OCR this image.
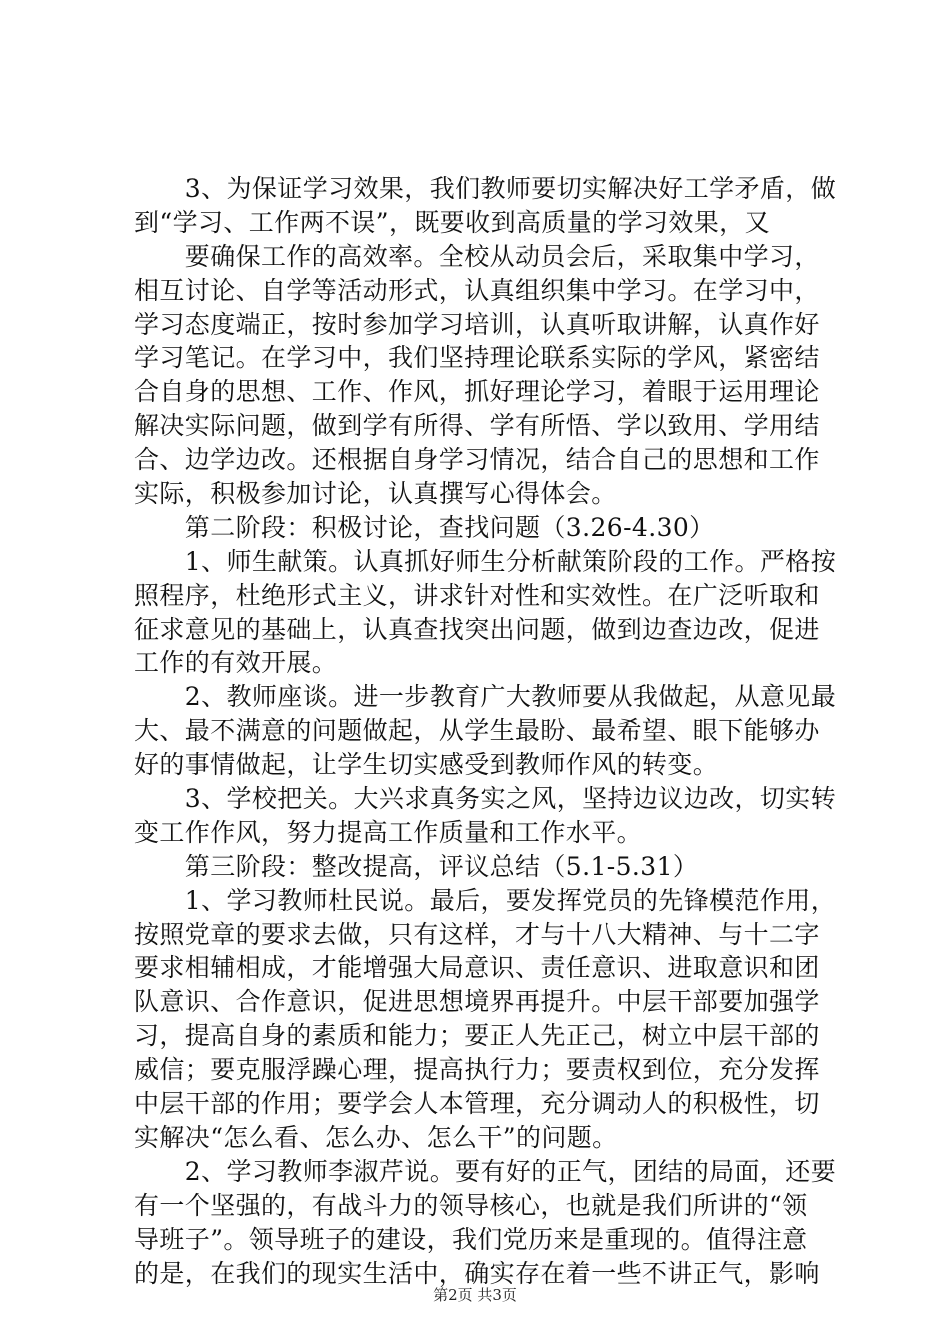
　　3、为保证学习效果，我们教师要切实解决好工学矛盾，做
到“学习、工作两不误”，既要收到高质量的学习效果，又
　　要确保工作的高效率。全校从动员会后，采取集中学习，
相互讨论、自学等活动形式，认真组织集中学习。在学习中，
学习态度端正，按时参加学习培训，认真听取讲解，认真作好
学习笔记。在学习中，我们坚持理论联系实际的学风，紧密结
合自身的思想、工作、作风，抓好理论学习，着眼于运用理论
解决实际问题，做到学有所得、学有所悟、学以致用、学用结
合、边学边改。还根据自身学习情况，结合自己的思想和工作
实际，积极参加讨论，认真撰写心得体会。
　　第二阶段：积极讨论，查找问题（3.26-4.30）
　　1、师生献策。认真抓好师生分析献策阶段的工作。严格按
照程序，杜绝形式主义，讲求针对性和实效性。在广泛听取和
征求意见的基础上，认真查找突出问题，做到边查边改，促进
工作的有效开展。
　　2、教师座谈。进一步教育广大教师要从我做起，从意见最
大、最不满意的问题做起，从学生最盼、最希望、眼下能够办
好的事情做起，让学生切实感受到教师作风的转变。
　　3、学校把关。大兴求真务实之风，坚持边议边改，切实转
变工作作风，努力提高工作质量和工作水平。
　　第三阶段：整改提高，评议总结（5.1-5.31）
　　1、学习教师杜民说。最后，要发挥党员的先锋模范作用，
按照党章的要求去做，只有这样，才与十八大精神、与十二字
要求相辅相成，才能增强大局意识、责任意识、进取意识和团
队意识、合作意识，促进思想境界再提升。中层干部要加强学
习，提高自身的素质和能力；要正人先正己，树立中层干部的
威信；要克服浮躁心理，提高执行力；要责权到位，充分发挥
中层干部的作用；要学会人本管理，充分调动人的积极性，切
实解决“怎么看、怎么办、怎么干”的问题。
　　2、学习教师李淑芹说。要有好的正气，团结的局面，还要
有一个坚强的，有战斗力的领导核心，也就是我们所讲的“领
导班子”。领导班子的建设，我们党历来是重现的。值得注意
的是，在我们的现实生活中，确实存在着一些不讲正气，影响
第2页 共3页
